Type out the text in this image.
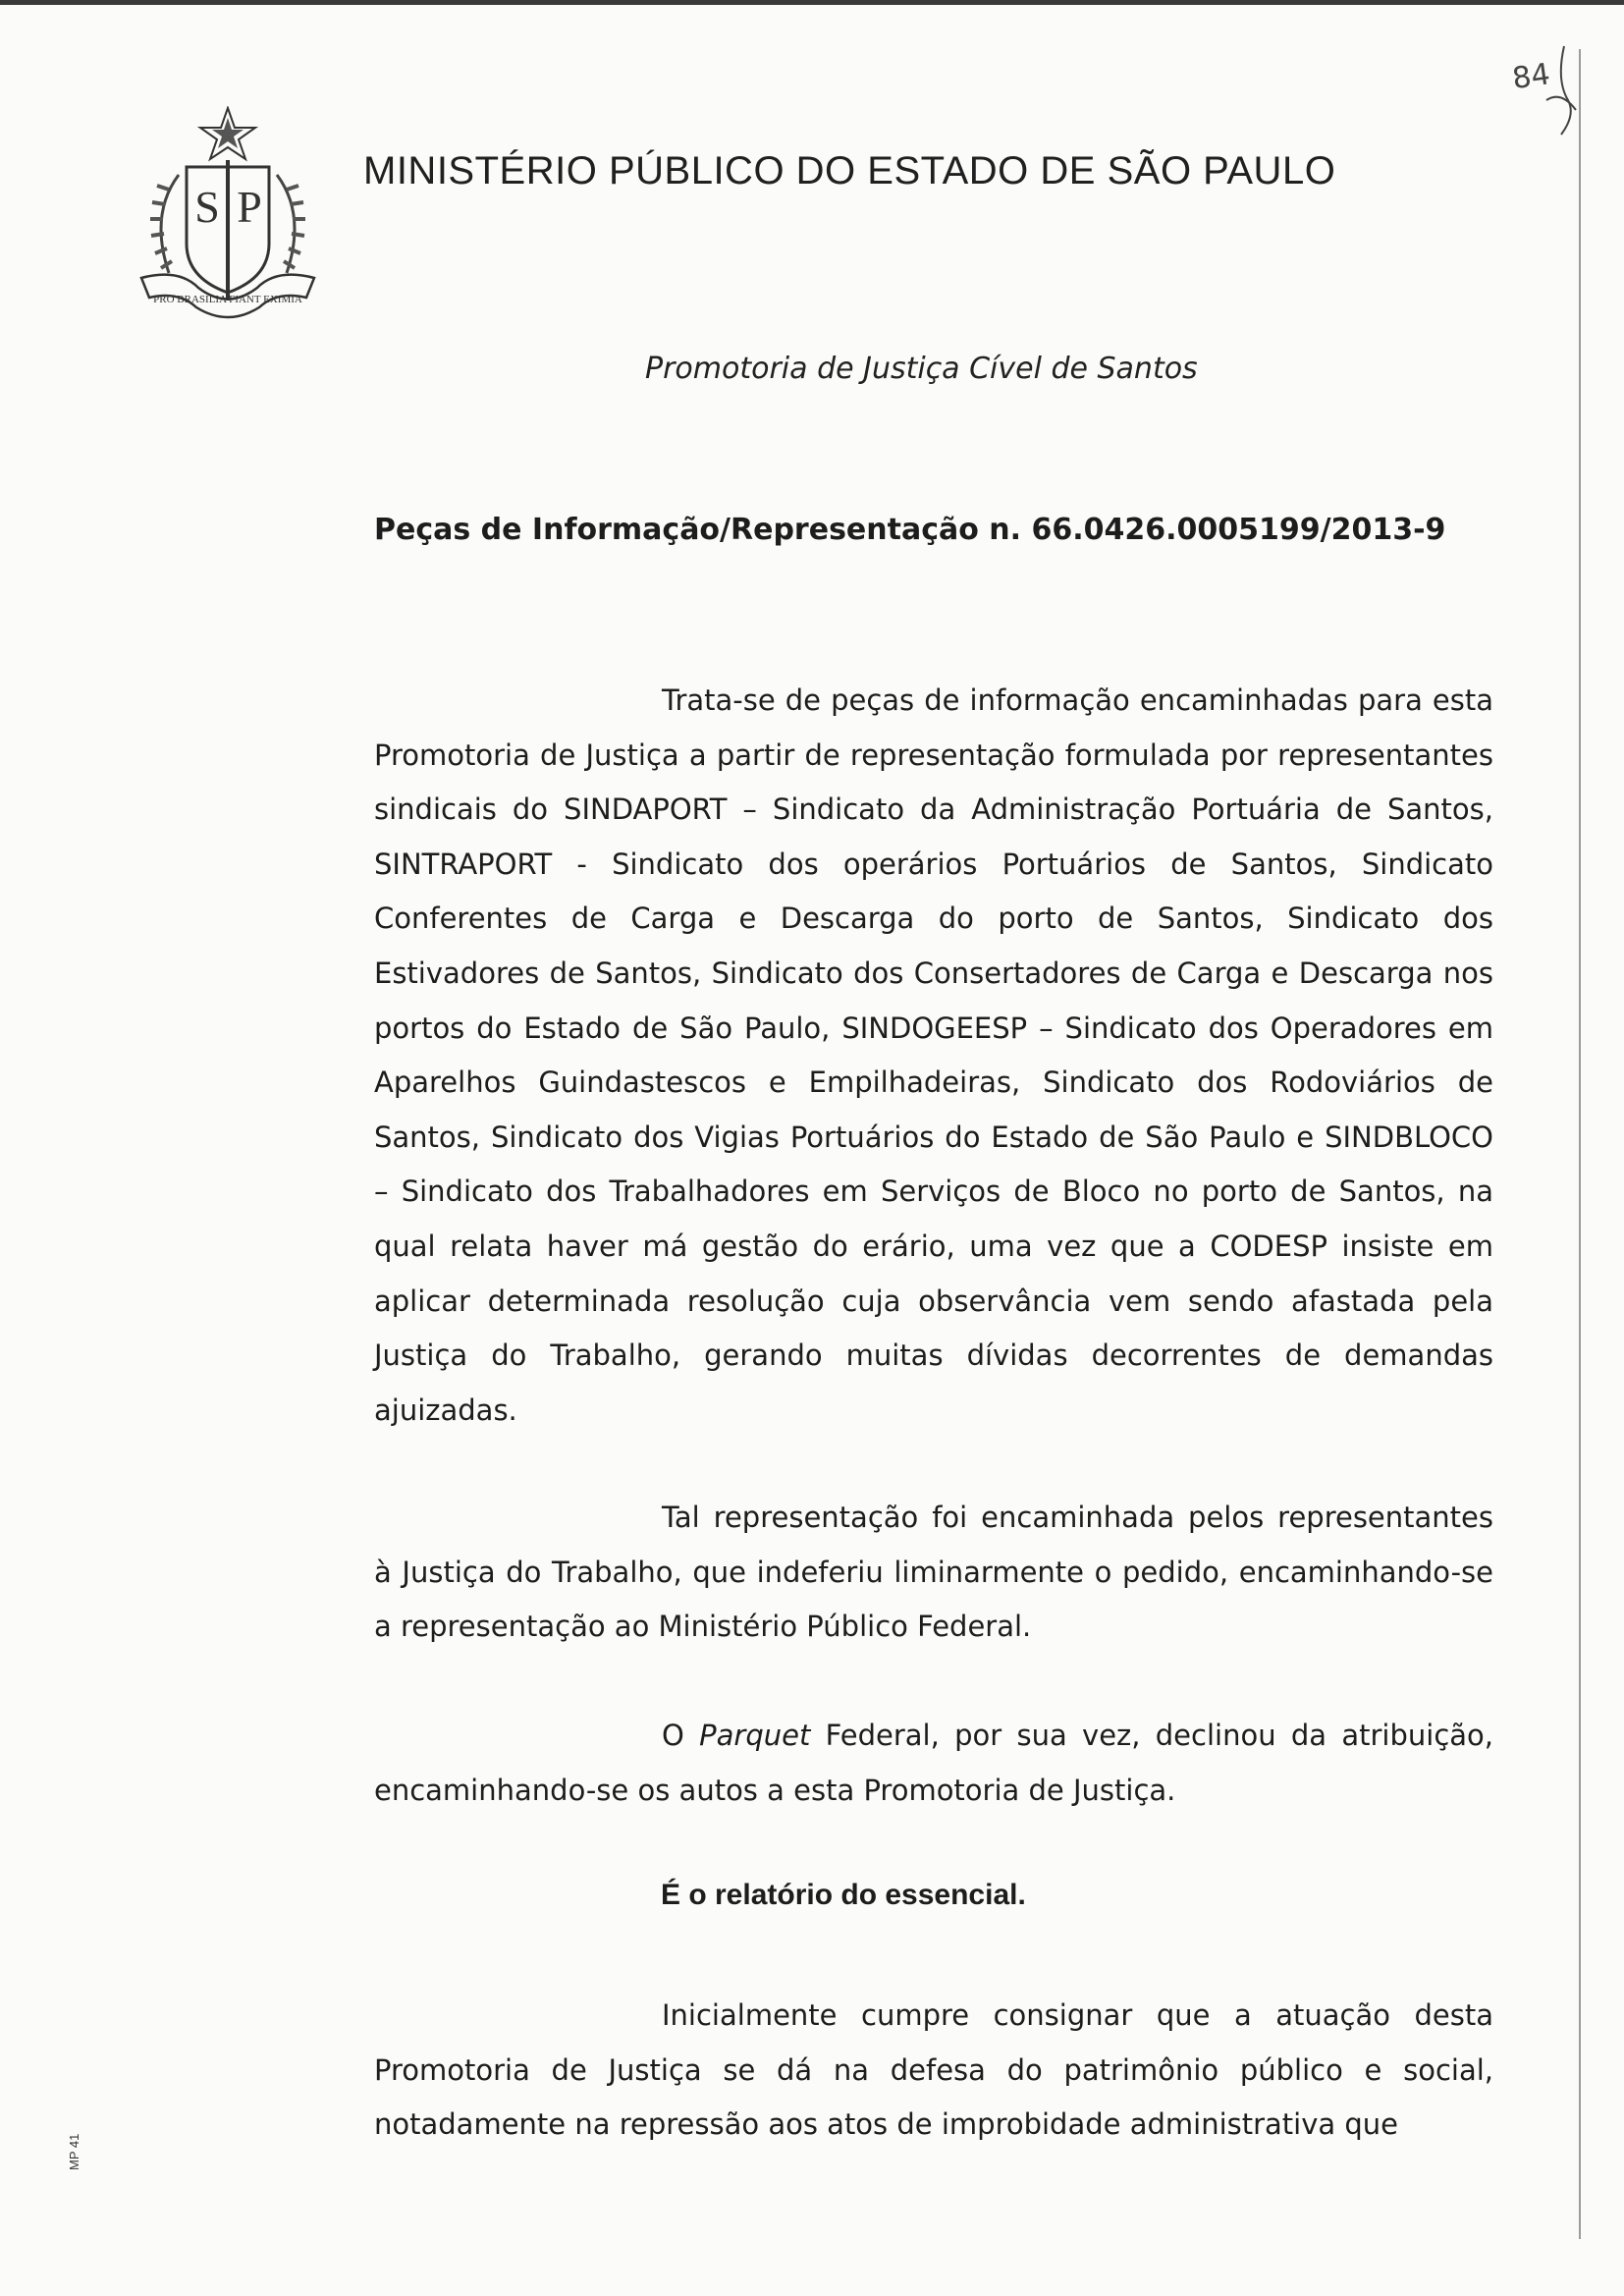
S P
PRO BRASILIA FIANT EXIMIA
MINISTÉRIO PÚBLICO DO ESTADO DE SÃO PAULO
84
Promotoria de Justiça Cível de Santos
Peças de Informação/Representação n. 66.0426.0005199/2013-9

Trata-se de peças de informação encaminhadas para esta Promotoria de Justiça a partir de representação formulada por representantes sindicais do SINDAPORT – Sindicato da Administração Portuária de Santos, SINTRAPORT - Sindicato dos operários Portuários de Santos, Sindicato Conferentes de Carga e Descarga do porto de Santos, Sindicato dos Estivadores de Santos, Sindicato dos Consertadores de Carga e Descarga nos portos do Estado de São Paulo, SINDOGEESP – Sindicato dos Operadores em Aparelhos Guindastescos e Empilhadeiras, Sindicato dos Rodoviários de Santos, Sindicato dos Vigias Portuários do Estado de São Paulo e SINDBLOCO – Sindicato dos Trabalhadores em Serviços de Bloco no porto de Santos, na qual relata haver má gestão do erário, uma vez que a CODESP insiste em aplicar determinada resolução cuja observância vem sendo afastada pela Justiça do Trabalho, gerando muitas dívidas decorrentes de demandas ajuizadas.

Tal representação foi encaminhada pelos representantes à Justiça do Trabalho, que indeferiu liminarmente o pedido, encaminhando-se a representação ao Ministério Público Federal.

O Parquet Federal, por sua vez, declinou da atribuição, encaminhando-se os autos a esta Promotoria de Justiça.

É o relatório do essencial.

Inicialmente cumpre consignar que a atuação desta Promotoria de Justiça se dá na defesa do patrimônio público e social, notadamente na repressão aos atos de improbidade administrativa que

MP 41
